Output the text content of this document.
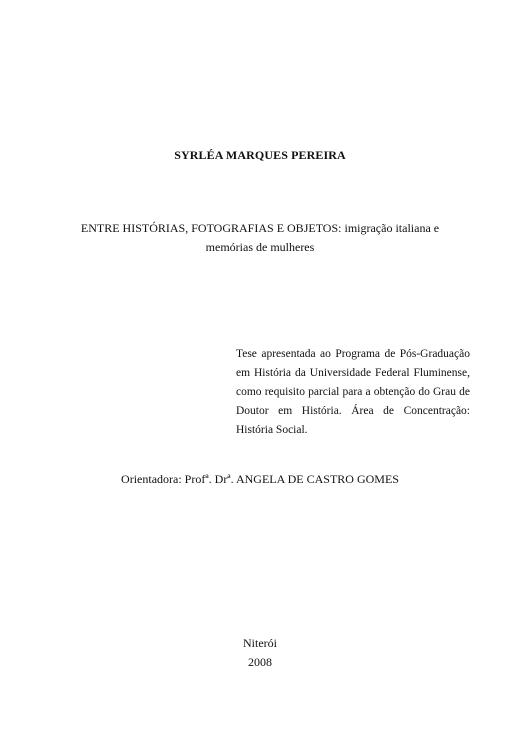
SYRLÉA MARQUES PEREIRA
ENTRE HISTÓRIAS, FOTOGRAFIAS E OBJETOS: imigração italiana e memórias de mulheres
Tese apresentada ao Programa de Pós-Graduação em História da Universidade Federal Fluminense, como requisito parcial para a obtenção do Grau de Doutor em História. Área de Concentração: História Social.
Orientadora: Profª. Drª. ANGELA DE CASTRO GOMES
Niterói
2008
